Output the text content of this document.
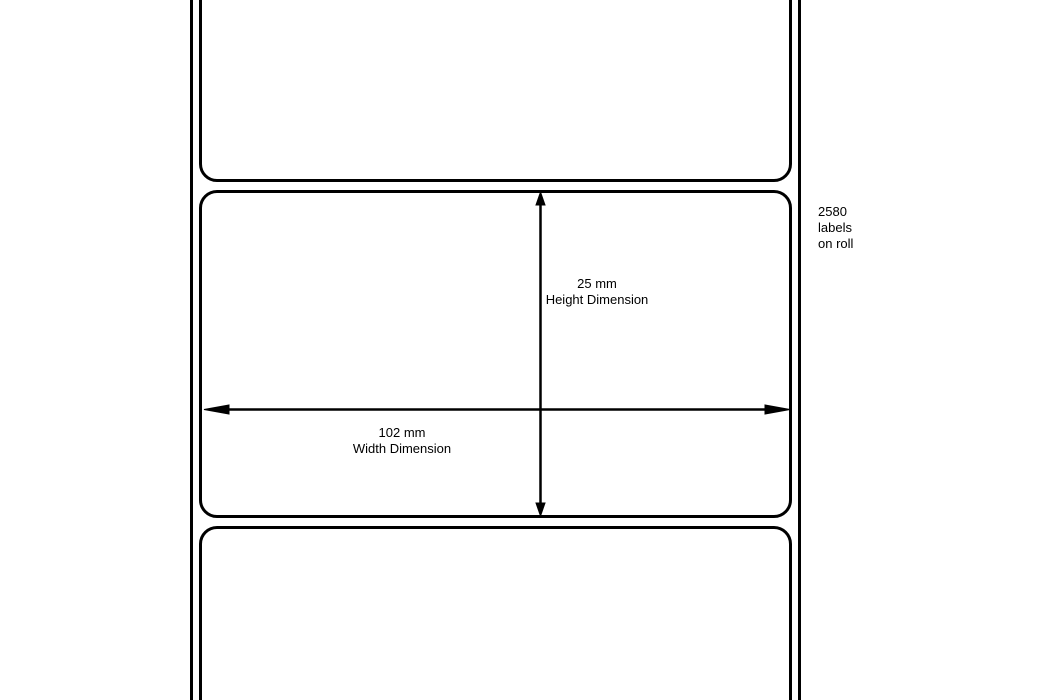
25 mm
Height Dimension
102 mm
Width Dimension
2580
labels
on roll
